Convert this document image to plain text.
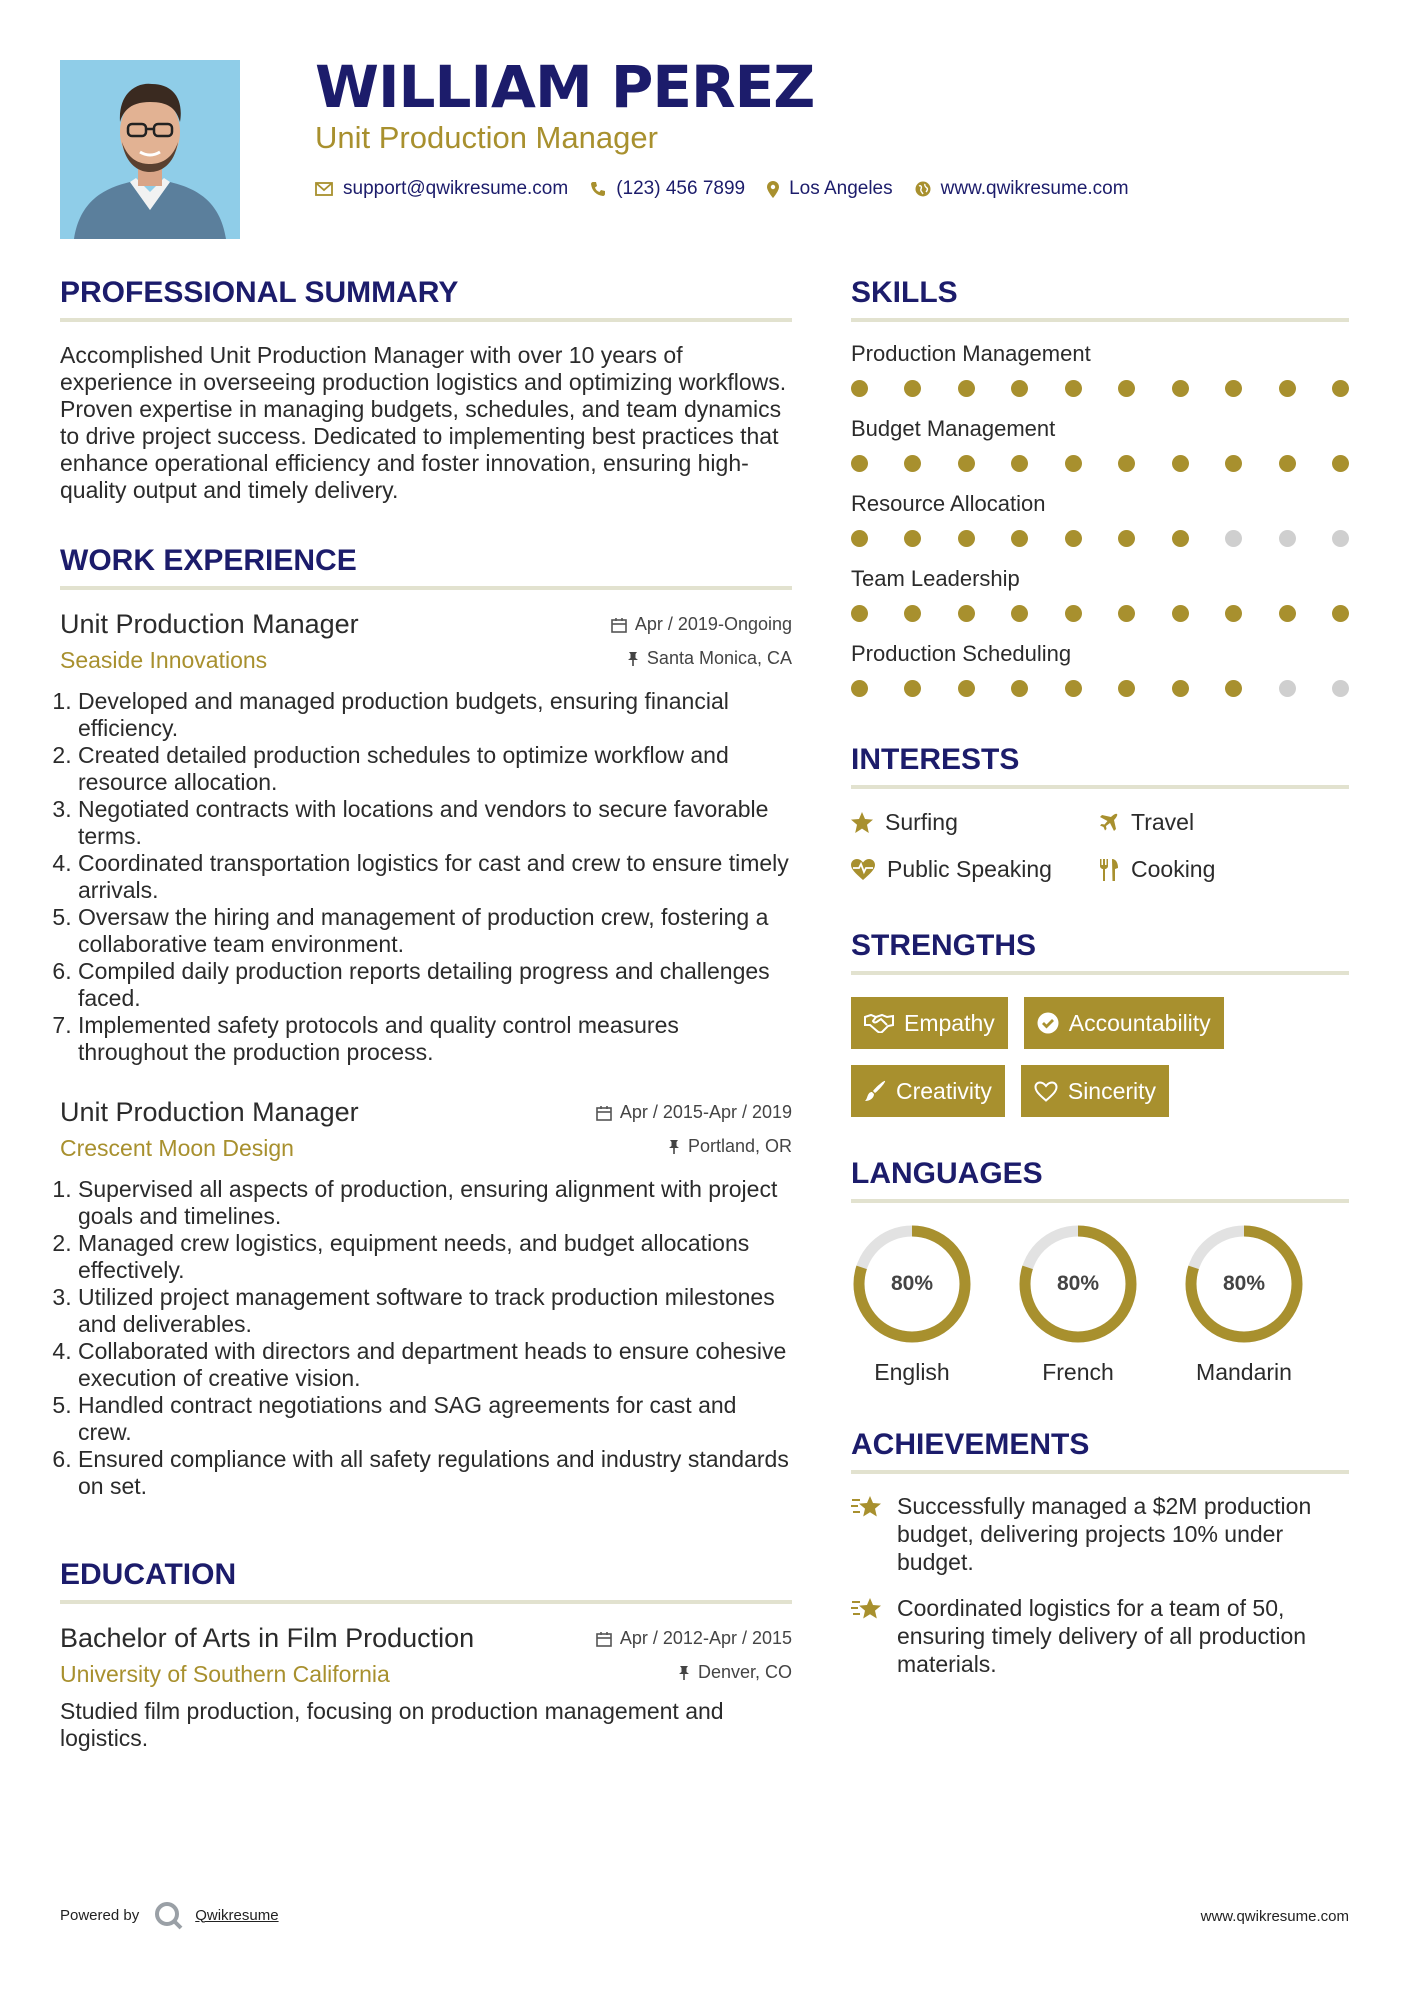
WILLIAM PEREZ
Unit Production Manager
support@qwikresume.com	(123) 456 7899 Los Angeles	www.qwikresume.com
PROFESSIONAL SUMMARY
Accomplished Unit Production Manager with over 10 years of experience in overseeing production logistics and optimizing workflows. Proven expertise in managing budgets, schedules, and team dynamics to drive project success. Dedicated to implementing best practices that enhance operational efficiency and foster innovation, ensuring high-quality output and timely delivery.
WORK EXPERIENCE
Unit Production Manager
Seaside Innovations
Apr / 2019-Ongoing
Santa Monica, CA
1. Developed and managed production budgets, ensuring financial efficiency.
2. Created detailed production schedules to optimize workflow and resource allocation.
3. Negotiated contracts with locations and vendors to secure favorable terms.
4. Coordinated transportation logistics for cast and crew to ensure timely arrivals.
5. Oversaw the hiring and management of production crew, fostering a collaborative team environment.
6. Compiled daily production reports detailing progress and challenges faced.
7. Implemented safety protocols and quality control measures throughout the production process.
Unit Production Manager
Crescent Moon Design
Apr / 2015-Apr / 2019
Portland, OR
1. Supervised all aspects of production, ensuring alignment with project goals and timelines.
2. Managed crew logistics, equipment needs, and budget allocations effectively.
3. Utilized project management software to track production milestones and deliverables.
4. Collaborated with directors and department heads to ensure cohesive execution of creative vision.
5. Handled contract negotiations and SAG agreements for cast and crew.
6. Ensured compliance with all safety regulations and industry standards on set.
EDUCATION
Bachelor of Arts in Film Production
University of Southern California
Apr / 2012-Apr / 2015
Denver, CO
Studied film production, focusing on production management and logistics.
SKILLS
Production Management
Budget Management
Resource Allocation
Team Leadership
Production Scheduling
INTERESTS
Surfing	Travel
Public Speaking	Cooking
STRENGTHS
Empathy	Accountability
Creativity	Sincerity
LANGUAGES
80%
English
80%
French
80%
Mandarin
ACHIEVEMENTS
Successfully managed a $2M production budget, delivering projects 10% under budget.
Coordinated logistics for a team of 50, ensuring timely delivery of all production materials.
Powered by	Qwikresume	www.qwikresume.com
